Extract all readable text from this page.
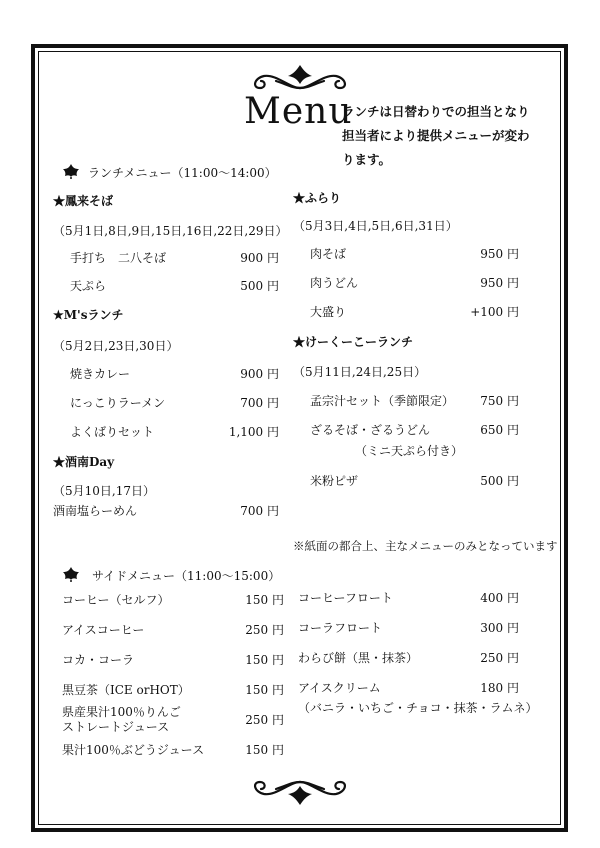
Menu
ランチは日替わりでの担当となり担当者により提供メニューが変わります。
ランチメニュー（11:00〜14:00）
★鳳来そば
（5月1日,8日,9日,15日,16日,22日,29日）
手打ち　二八そば	900 円
天ぷら	500 円
★M'sランチ
（5月2日,23日,30日）
焼きカレー	900 円
にっこりラーメン	700 円
よくばりセット	1,100 円
★酒南Day
（5月10日,17日）
酒南塩らーめん	700 円
★ふらり
（5月3日,4日,5日,6日,31日）
肉そば	950 円
肉うどん	950 円
大盛り	+100 円
★けーくーこーランチ
（5月11日,24日,25日）
孟宗汁セット（季節限定）	750 円
ざるそば・ざるうどん	650 円
（ミニ天ぷら付き）
米粉ピザ	500 円
※紙面の都合上、主なメニューのみとなっています
サイドメニュー（11:00〜15:00）
コーヒー（セルフ）	150 円
アイスコーヒー	250 円
コカ・コーラ	150 円
黒豆茶（ICE orHOT）	150 円
県産果汁100％りんご
ストレートジュース	250 円
果汁100％ぶどうジュース	150 円
コーヒーフロート	400 円
コーラフロート	300 円
わらび餅（黒・抹茶）	250 円
アイスクリーム	180 円
（バニラ・いちご・チョコ・抹茶・ラムネ）
